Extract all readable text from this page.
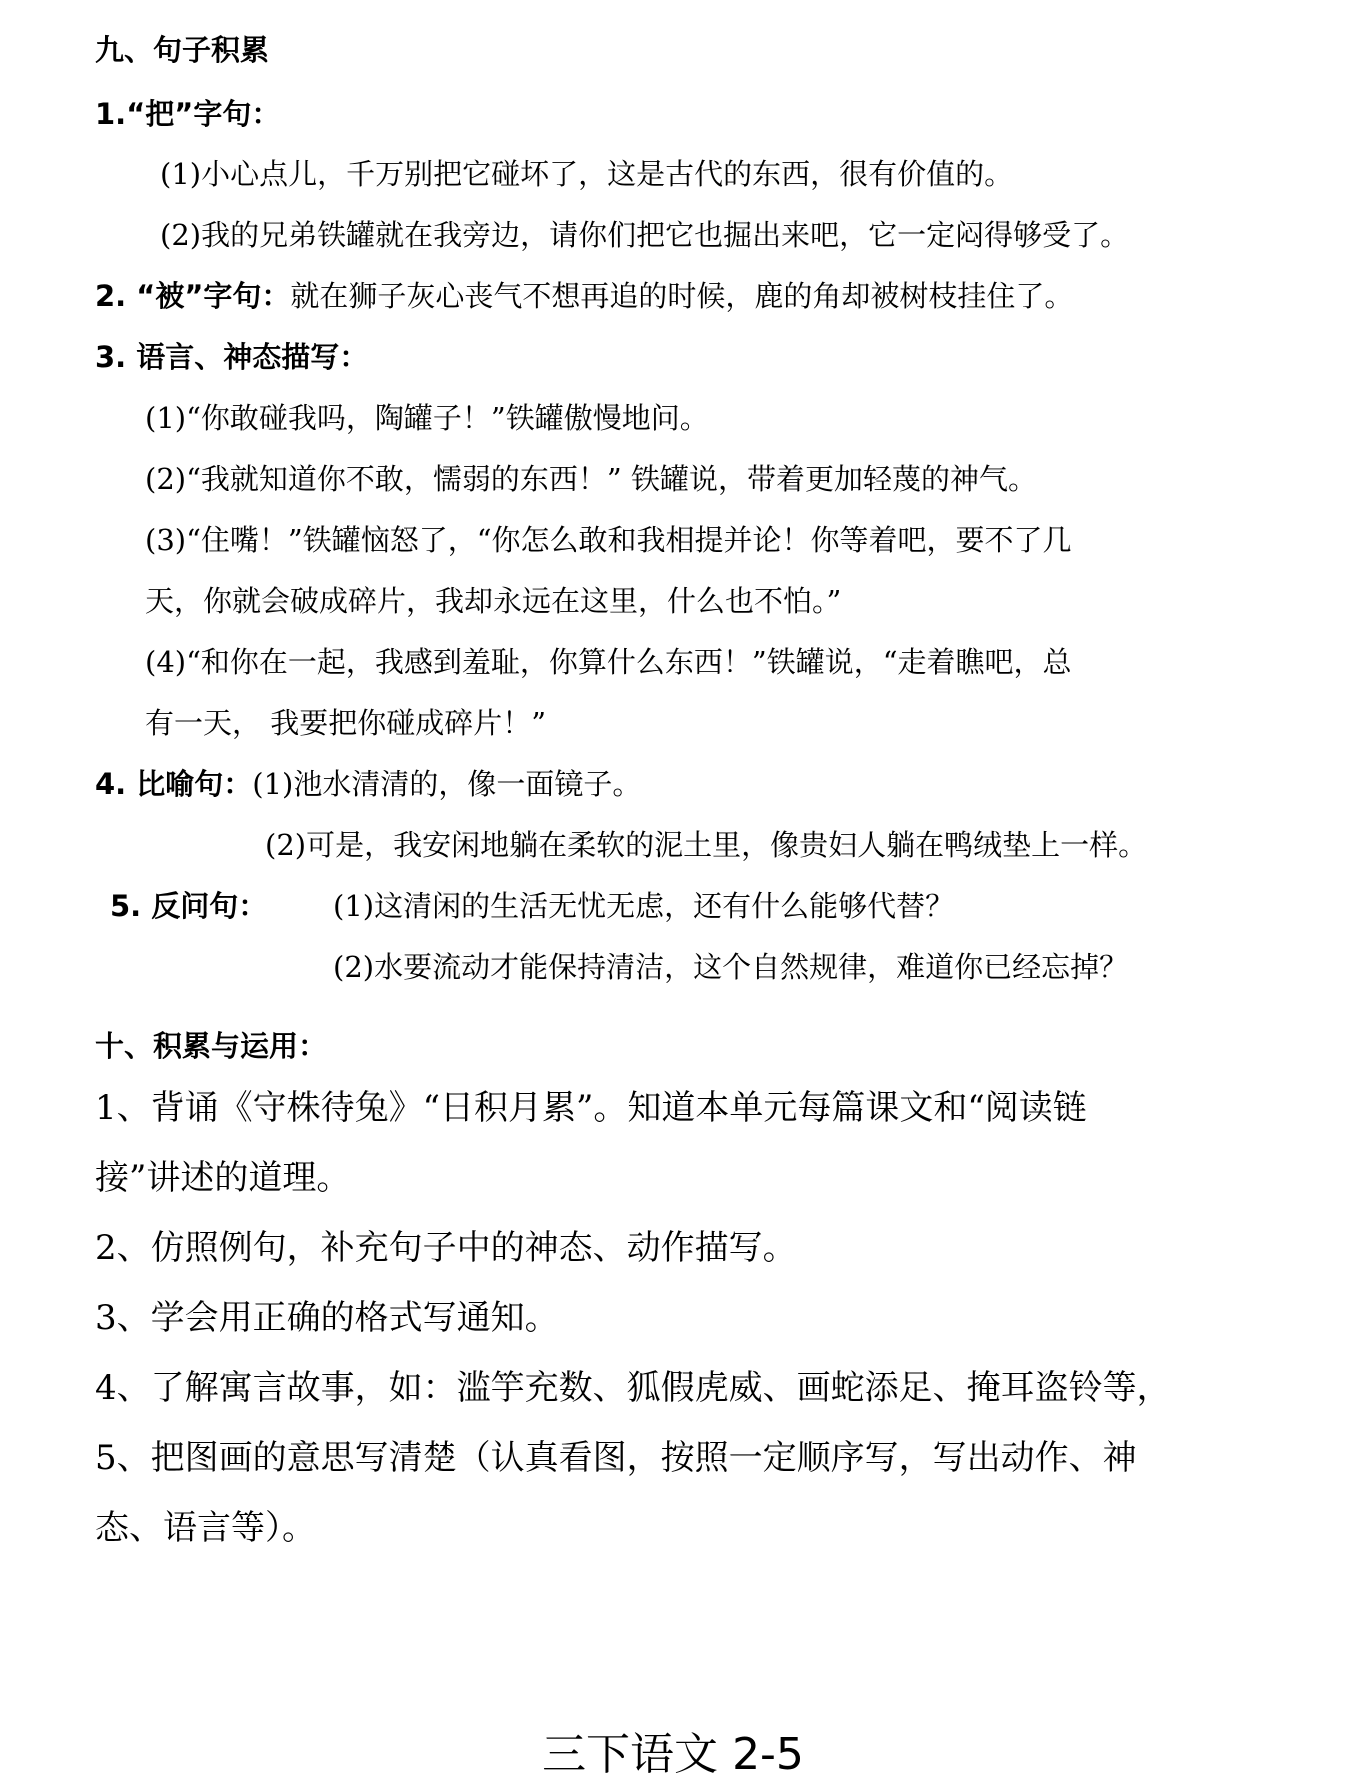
九、句子积累
1.“把”字句：
(1)小心点儿，千万别把它碰坏了，这是古代的东西，很有价值的。
(2)我的兄弟铁罐就在我旁边，请你们把它也掘出来吧，它一定闷得够受了。
2. “被”字句：就在狮子灰心丧气不想再追的时候，鹿的角却被树枝挂住了。
3. 语言、神态描写：
(1)“你敢碰我吗，陶罐子！”铁罐傲慢地问。
(2)“我就知道你不敢，懦弱的东西！” 铁罐说，带着更加轻蔑的神气。
(3)“住嘴！”铁罐恼怒了，“你怎么敢和我相提并论！你等着吧，要不了几
天，你就会破成碎片，我却永远在这里，什么也不怕。”
(4)“和你在一起，我感到羞耻，你算什么东西！”铁罐说，“走着瞧吧，总
有一天， 我要把你碰成碎片！”
4. 比喻句：(1)池水清清的，像一面镜子。
(2)可是，我安闲地躺在柔软的泥土里，像贵妇人躺在鸭绒垫上一样。
5. 反问句： (1)这清闲的生活无忧无虑，还有什么能够代替？
(2)水要流动才能保持清洁，这个自然规律，难道你已经忘掉？
十、积累与运用：
1、背诵《守株待兔》“日积月累”。知道本单元每篇课文和“阅读链
接”讲述的道理。
2、仿照例句，补充句子中的神态、动作描写。
3、学会用正确的格式写通知。
4、了解寓言故事，如：滥竽充数、狐假虎威、画蛇添足、掩耳盗铃等，
5、把图画的意思写清楚（认真看图，按照一定顺序写，写出动作、神
态、语言等）。
三下语文 2-5
